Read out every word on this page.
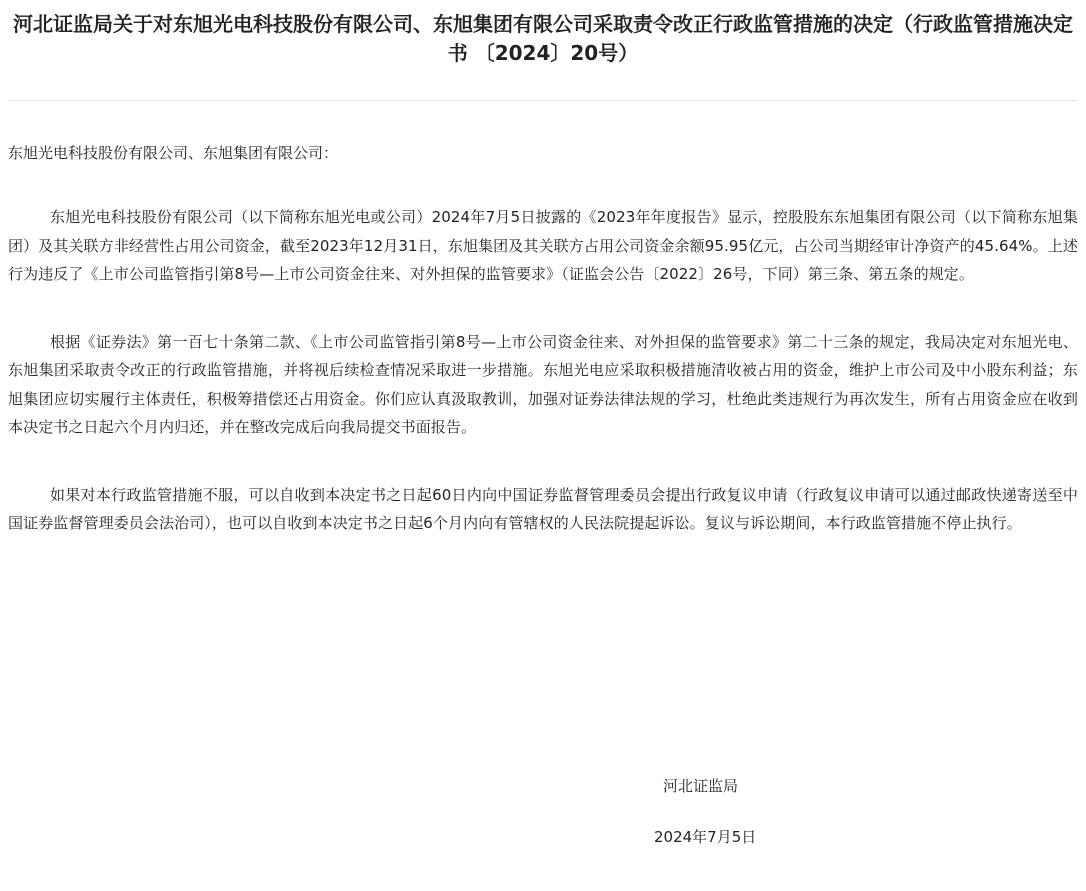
河北证监局关于对东旭光电科技股份有限公司、东旭集团有限公司采取责令改正行政监管措施的决定（行政监管措施决定书 〔2024〕20号）

东旭光电科技股份有限公司、东旭集团有限公司：

东旭光电科技股份有限公司（以下简称东旭光电或公司）2024年7月5日披露的《2023年年度报告》显示，控股股东东旭集团有限公司（以下简称东旭集团）及其关联方非经营性占用公司资金，截至2023年12月31日，东旭集团及其关联方占用公司资金余额95.95亿元，占公司当期经审计净资产的45.64%。上述行为违反了《上市公司监管指引第8号—上市公司资金往来、对外担保的监管要求》（证监会公告〔2022〕26号，下同）第三条、第五条的规定。

根据《证券法》第一百七十条第二款、《上市公司监管指引第8号—上市公司资金往来、对外担保的监管要求》第二十三条的规定，我局决定对东旭光电、东旭集团采取责令改正的行政监管措施，并将视后续检查情况采取进一步措施。东旭光电应采取积极措施清收被占用的资金，维护上市公司及中小股东利益；东旭集团应切实履行主体责任，积极筹措偿还占用资金。你们应认真汲取教训，加强对证券法律法规的学习，杜绝此类违规行为再次发生，所有占用资金应在收到本决定书之日起六个月内归还，并在整改完成后向我局提交书面报告。

如果对本行政监管措施不服，可以自收到本决定书之日起60日内向中国证券监督管理委员会提出行政复议申请（行政复议申请可以通过邮政快递寄送至中国证券监督管理委员会法治司），也可以自收到本决定书之日起6个月内向有管辖权的人民法院提起诉讼。复议与诉讼期间，本行政监管措施不停止执行。

河北证监局
2024年7月5日
